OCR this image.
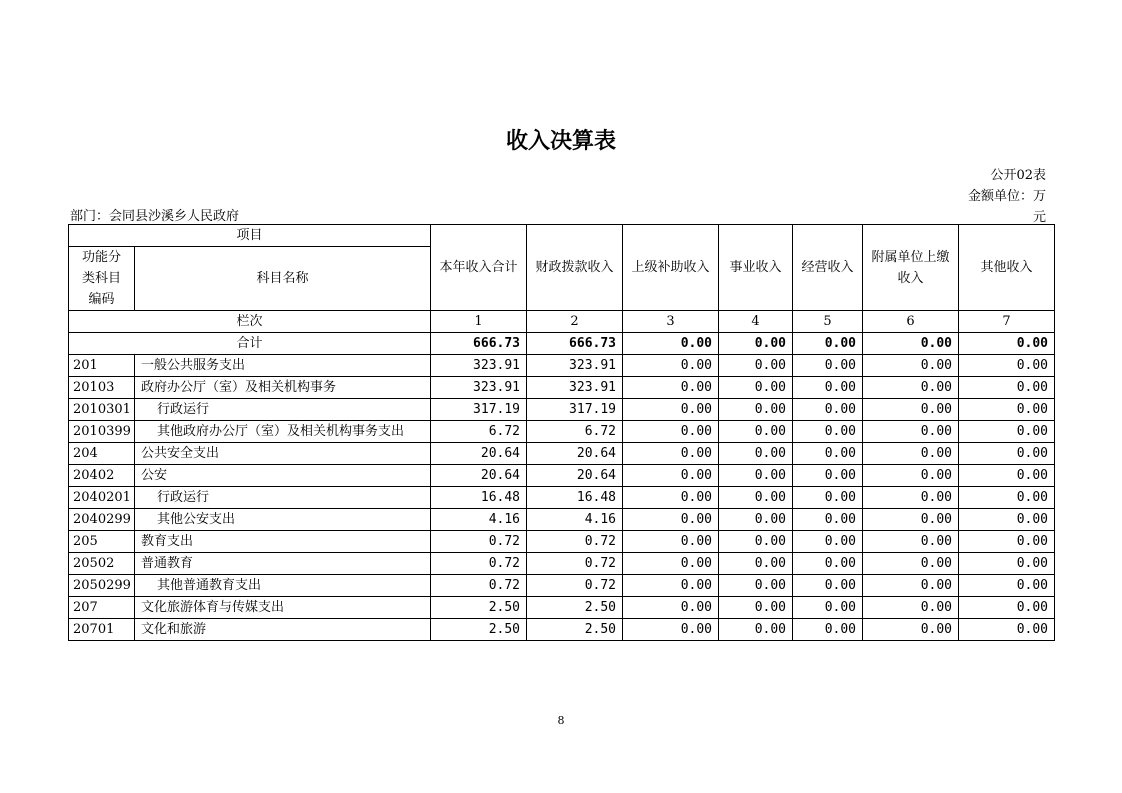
收入决算表
公开02表
金额单位：万
元
部门：会同县沙溪乡人民政府
项目		本年收入合计	财政拨款收入	上级补助收入	事业收入	经营收入	附属单位上缴收入	其他收入
功能分类科目编码	科目名称							
栏次		1	2	3	4	5	6	7
合计		666.73	666.73	0.00	0.00	0.00	0.00	0.00
201	一般公共服务支出	323.91	323.91	0.00	0.00	0.00	0.00	0.00
20103	政府办公厅（室）及相关机构事务	323.91	323.91	0.00	0.00	0.00	0.00	0.00
2010301	行政运行	317.19	317.19	0.00	0.00	0.00	0.00	0.00
2010399	其他政府办公厅（室）及相关机构事务支出	6.72	6.72	0.00	0.00	0.00	0.00	0.00
204	公共安全支出	20.64	20.64	0.00	0.00	0.00	0.00	0.00
20402	公安	20.64	20.64	0.00	0.00	0.00	0.00	0.00
2040201	行政运行	16.48	16.48	0.00	0.00	0.00	0.00	0.00
2040299	其他公安支出	4.16	4.16	0.00	0.00	0.00	0.00	0.00
205	教育支出	0.72	0.72	0.00	0.00	0.00	0.00	0.00
20502	普通教育	0.72	0.72	0.00	0.00	0.00	0.00	0.00
2050299	其他普通教育支出	0.72	0.72	0.00	0.00	0.00	0.00	0.00
207	文化旅游体育与传媒支出	2.50	2.50	0.00	0.00	0.00	0.00	0.00
20701	文化和旅游	2.50	2.50	0.00	0.00	0.00	0.00	0.00
8
